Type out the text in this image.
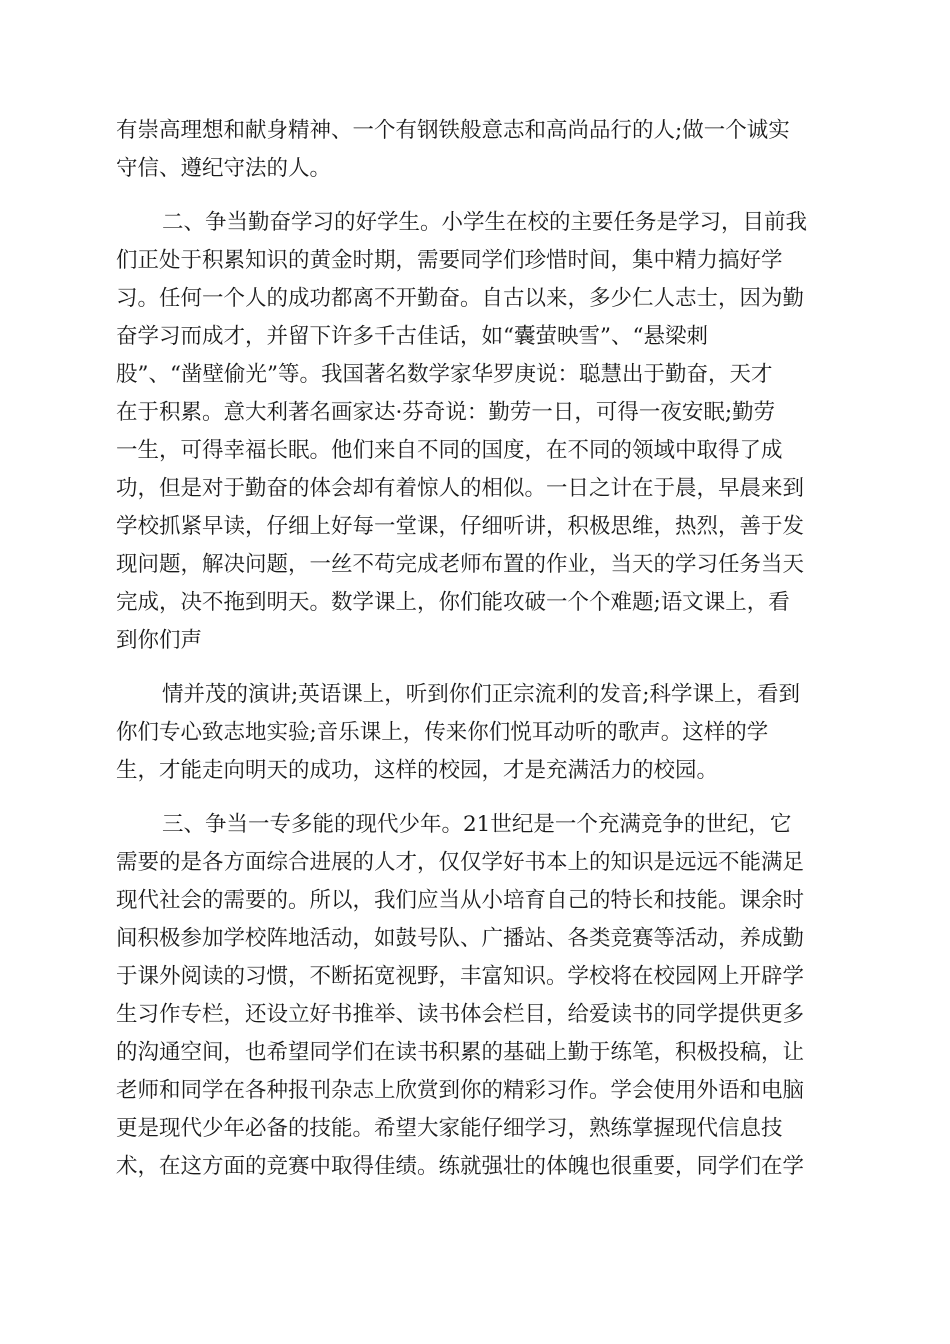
有崇高理想和献身精神、一个有钢铁般意志和高尚品行的人;做一个诚实

守信、遵纪守法的人。

二、争当勤奋学习的好学生。小学生在校的主要任务是学习，目前我

们正处于积累知识的黄金时期，需要同学们珍惜时间，集中精力搞好学

习。任何一个人的成功都离不开勤奋。自古以来，多少仁人志士，因为勤

奋学习而成才，并留下许多千古佳话，如“囊萤映雪”、“悬梁刺

股”、“凿壁偷光”等。我国著名数学家华罗庚说：聪慧出于勤奋，天才

在于积累。意大利著名画家达·芬奇说：勤劳一日，可得一夜安眠;勤劳

一生，可得幸福长眠。他们来自不同的国度，在不同的领域中取得了成

功，但是对于勤奋的体会却有着惊人的相似。一日之计在于晨，早晨来到

学校抓紧早读，仔细上好每一堂课，仔细听讲，积极思维，热烈，善于发

现问题，解决问题，一丝不苟完成老师布置的作业，当天的学习任务当天

完成，决不拖到明天。数学课上，你们能攻破一个个难题;语文课上，看

到你们声

情并茂的演讲;英语课上，听到你们正宗流利的发音;科学课上，看到

你们专心致志地实验;音乐课上，传来你们悦耳动听的歌声。这样的学

生，才能走向明天的成功，这样的校园，才是充满活力的校园。

三、争当一专多能的现代少年。21世纪是一个充满竞争的世纪，它

需要的是各方面综合进展的人才，仅仅学好书本上的知识是远远不能满足

现代社会的需要的。所以，我们应当从小培育自己的特长和技能。课余时

间积极参加学校阵地活动，如鼓号队、广播站、各类竞赛等活动，养成勤

于课外阅读的习惯，不断拓宽视野，丰富知识。学校将在校园网上开辟学

生习作专栏，还设立好书推举、读书体会栏目，给爱读书的同学提供更多

的沟通空间，也希望同学们在读书积累的基础上勤于练笔，积极投稿，让

老师和同学在各种报刊杂志上欣赏到你的精彩习作。学会使用外语和电脑

更是现代少年必备的技能。希望大家能仔细学习，熟练掌握现代信息技

术，在这方面的竞赛中取得佳绩。练就强壮的体魄也很重要，同学们在学
